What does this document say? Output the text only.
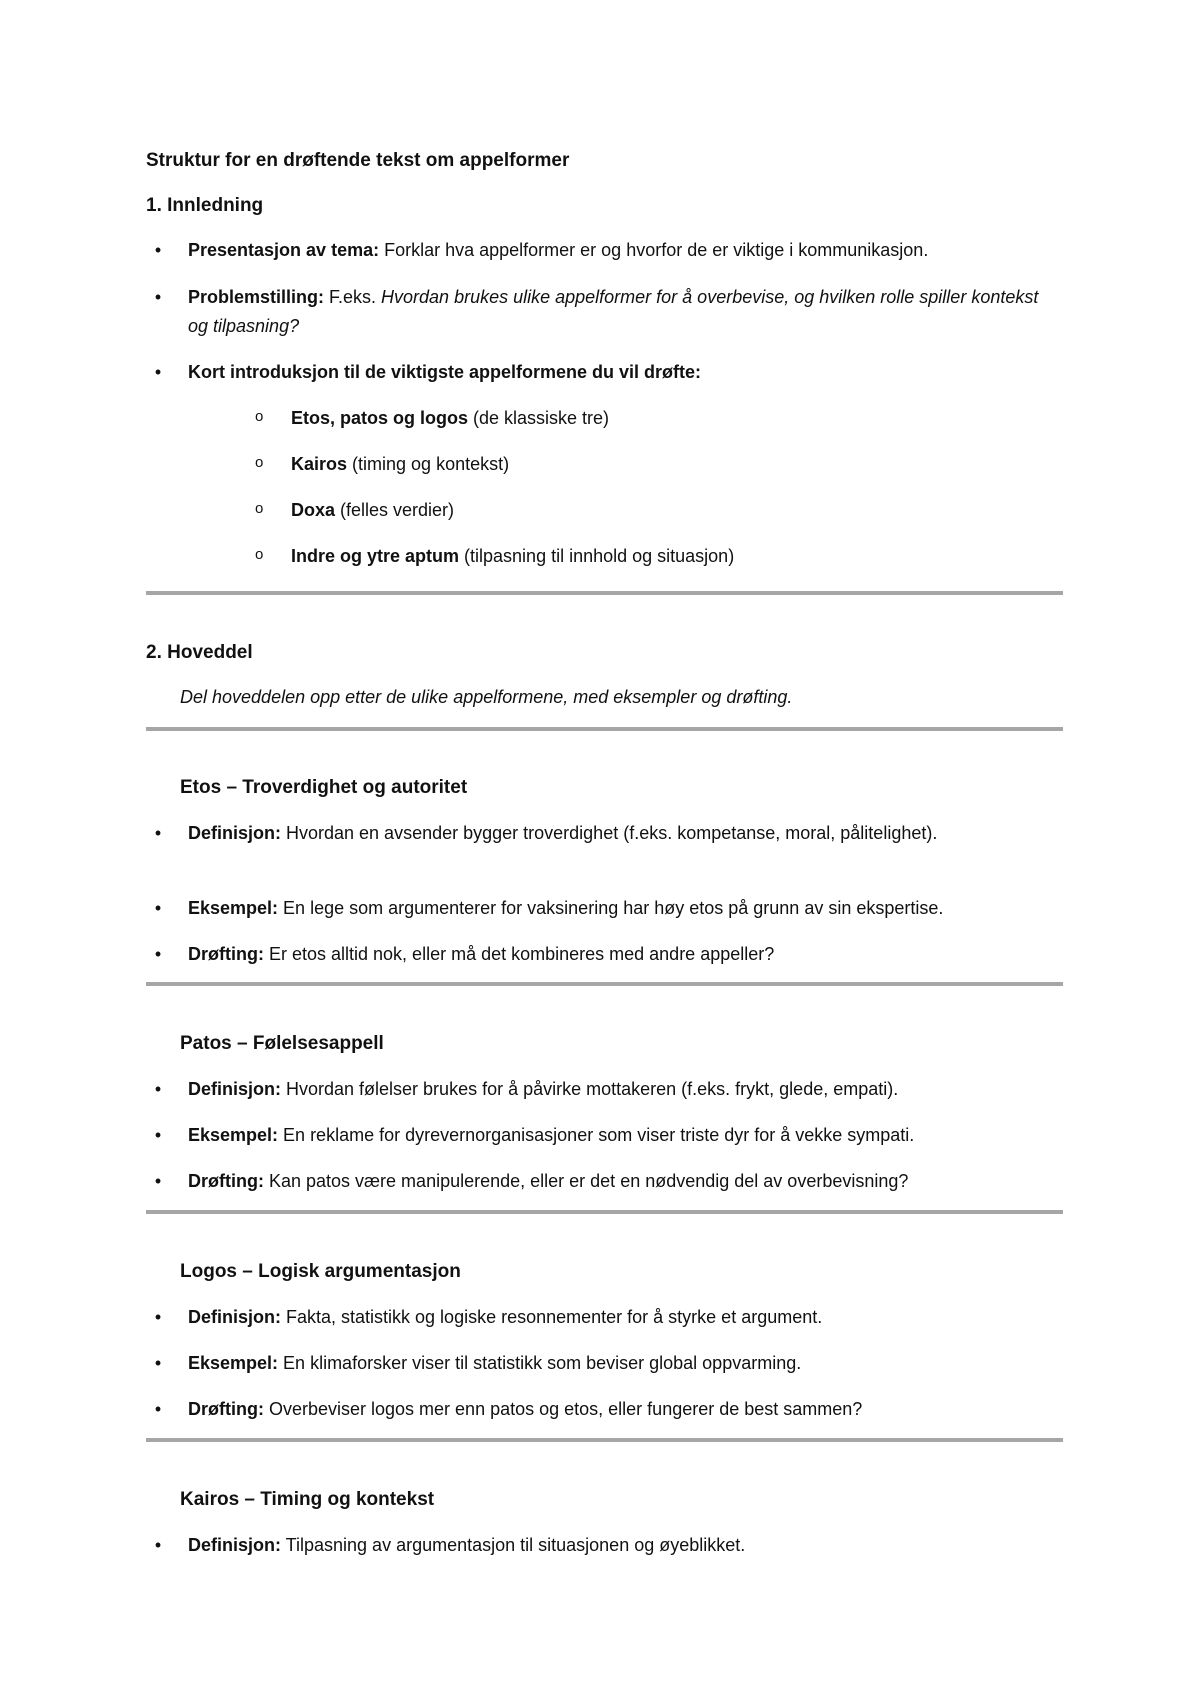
Struktur for en drøftende tekst om appelformer

1. Innledning

• Presentasjon av tema: Forklar hva appelformer er og hvorfor de er viktige i kommunikasjon.

• Problemstilling: F.eks. Hvordan brukes ulike appelformer for å overbevise, og hvilken rolle spiller kontekst og tilpasning?

• Kort introduksjon til de viktigste appelformene du vil drøfte:

o Etos, patos og logos (de klassiske tre)

o Kairos (timing og kontekst)

o Doxa (felles verdier)

o Indre og ytre aptum (tilpasning til innhold og situasjon)

2. Hoveddel

Del hoveddelen opp etter de ulike appelformene, med eksempler og drøfting.

Etos – Troverdighet og autoritet

• Definisjon: Hvordan en avsender bygger troverdighet (f.eks. kompetanse, moral, pålitelighet).

• Eksempel: En lege som argumenterer for vaksinering har høy etos på grunn av sin ekspertise.

• Drøfting: Er etos alltid nok, eller må det kombineres med andre appeller?

Patos – Følelsesappell

• Definisjon: Hvordan følelser brukes for å påvirke mottakeren (f.eks. frykt, glede, empati).

• Eksempel: En reklame for dyrevernorganisasjoner som viser triste dyr for å vekke sympati.

• Drøfting: Kan patos være manipulerende, eller er det en nødvendig del av overbevisning?

Logos – Logisk argumentasjon

• Definisjon: Fakta, statistikk og logiske resonnementer for å styrke et argument.

• Eksempel: En klimaforsker viser til statistikk som beviser global oppvarming.

• Drøfting: Overbeviser logos mer enn patos og etos, eller fungerer de best sammen?

Kairos – Timing og kontekst

• Definisjon: Tilpasning av argumentasjon til situasjonen og øyeblikket.
